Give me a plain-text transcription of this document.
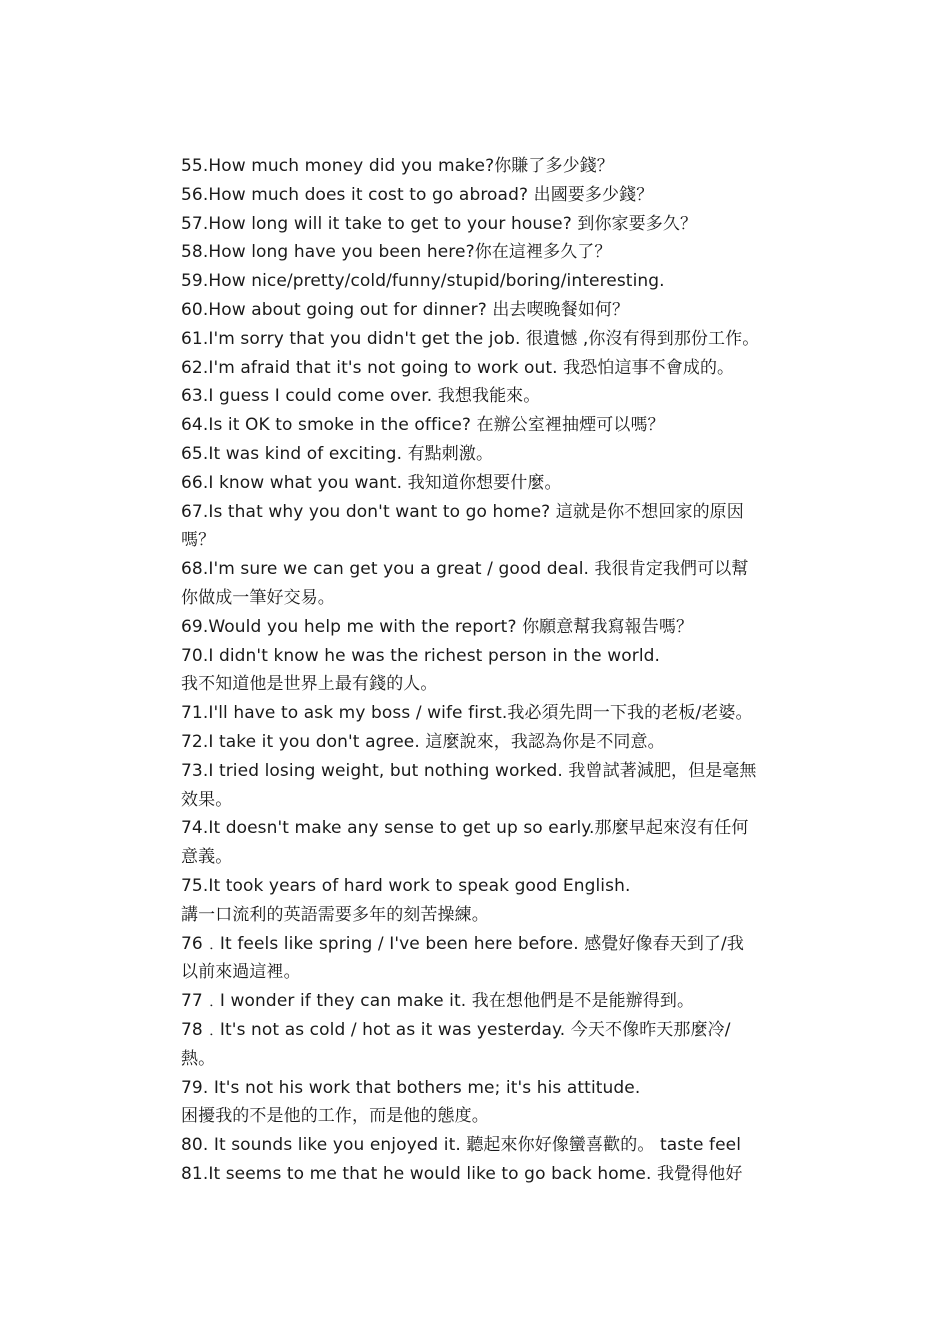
55.How much money did you make?你賺了多少錢？
56.How much does it cost to go abroad? 出國要多少錢？
57.How long will it take to get to your house? 到你家要多久？
58.How long have you been here?你在這裡多久了？
59.How nice/pretty/cold/funny/stupid/boring/interesting.
60.How about going out for dinner? 出去喫晚餐如何？
61.I'm sorry that you didn't get the job. 很遺憾 ,你沒有得到那份工作。
62.I'm afraid that it's not going to work out. 我恐怕這事不會成的。
63.I guess I could come over. 我想我能來。
64.Is it OK to smoke in the office? 在辦公室裡抽煙可以嗎？
65.It was kind of exciting. 有點刺激。
66.I know what you want. 我知道你想要什麼。
67.Is that why you don't want to go home? 這就是你不想回家的原因
嗎？
68.I'm sure we can get you a great / good deal. 我很肯定我們可以幫
你做成一筆好交易。
69.Would you help me with the report? 你願意幫我寫報告嗎？
70.I didn't know he was the richest person in the world.
我不知道他是世界上最有錢的人。
71.I'll have to ask my boss / wife first.我必須先問一下我的老板/老婆。
72.I take it you don't agree. 這麼說來，我認為你是不同意。
73.I tried losing weight, but nothing worked. 我曾試著減肥，但是毫無
效果。
74.It doesn't make any sense to get up so early.那麼早起來沒有任何
意義。
75.It took years of hard work to speak good English.
講一口流利的英語需要多年的刻苦操練。
76﹒It feels like spring / I've been here before. 感覺好像春天到了/我
以前來過這裡。
77﹒I wonder if they can make it. 我在想他們是不是能辦得到。
78﹒It's not as cold / hot as it was yesterday. 今天不像昨天那麼冷/
熱。
79. It's not his work that bothers me; it's his attitude.
困擾我的不是他的工作，而是他的態度。
80. It sounds like you enjoyed it. 聽起來你好像蠻喜歡的。 taste feel
81.It seems to me that he would like to go back home. 我覺得他好
